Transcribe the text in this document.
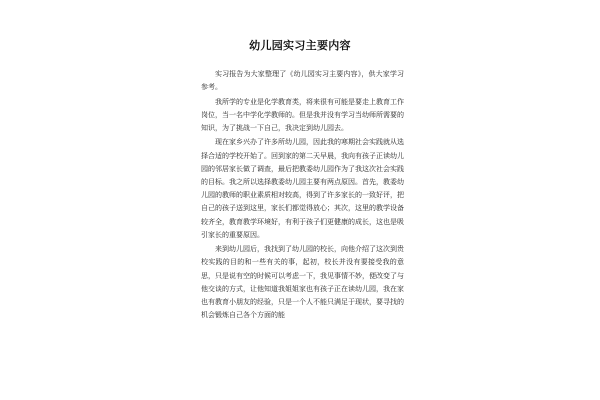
幼儿园实习主要内容

实习报告为大家整理了《幼儿园实习主要内容》，供大家学习参考。

我所学的专业是化学教育类，将来很有可能是要走上教育工作岗位，当一名中学化学教师的。但是我并没有学习当幼师所需要的知识，为了挑战一下自己，我决定到幼儿园去。

现在家乡兴办了许多所幼儿园，因此我的寒期社会实践就从选择合适的学校开始了。回到家的第二天早晨，我向有孩子正读幼儿园的邻居家长做了调查，最后把教委幼儿园作为了我这次社会实践的目标。我之所以选择教委幼儿园主要有两点原因。首先，教委幼儿园的教师的职业素质相对较高，得到了许多家长的一致好评，把自己的孩子送到这里，家长们都觉得放心；其次，这里的教学设备较齐全，教育教学环境好，有利于孩子们更健康的成长，这也是吸引家长的重要原因。

来到幼儿园后，我找到了幼儿园的校长，向他介绍了这次到贵校实践的目的和一些有关的事，起初，校长并没有要接受我的意思，只是说有空的时候可以考虑一下，我见事情不妙，便改变了与他交谈的方式，让他知道我姐姐家也有孩子正在读幼儿园，我在家也有教育小朋友的经验，只是一个人不能只满足于现状，要寻找的机会锻炼自己各个方面的能
